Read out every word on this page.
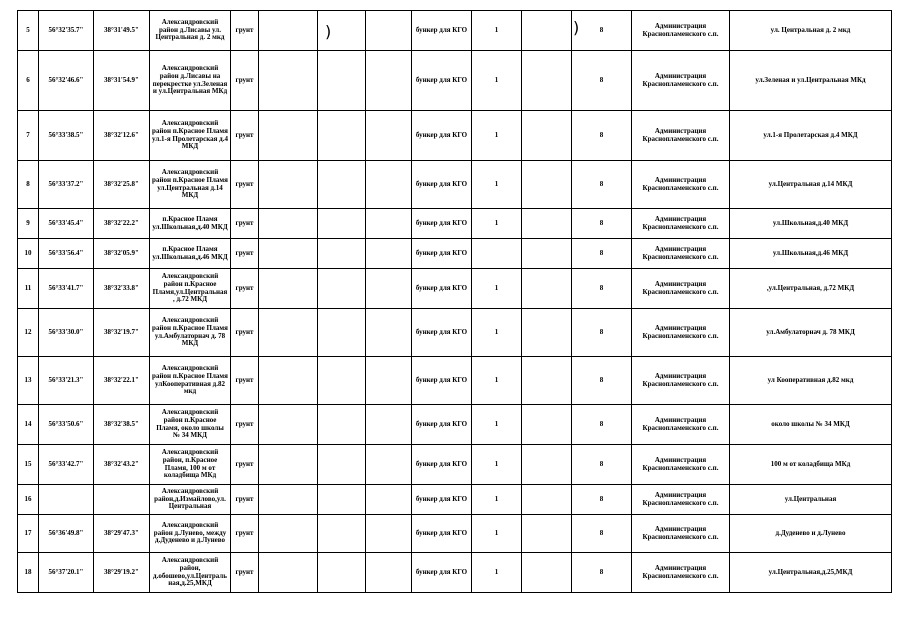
5	56°32'35.7"	38°31'49.5"	Александровский район д.Лисавы ул. Центральная д. 2 мкд	грунт				бункер для КГО	1		8	Администрация Краснопламенского с.п.	ул. Центральная д. 2 мкд
6	56°32'46.6"	38°31'54.9"	Александровский район д.Лисавы на перекрестке ул.Зеленая и ул.Центральная МКд	грунт				бункер для КГО	1		8	Администрация Краснопламенского с.п.	ул.Зеленая и ул.Центральная МКд
7	56°33'38.5"	38°32'12.6"	Александровский район п.Красное Пламя ул.1-я Пролетарская д.4 МКД	грунт				бункер для КГО	1		8	Администрация Краснопламенского с.п.	ул.1-я Пролетарская д.4 МКД
8	56°33'37.2"	38°32'25.8"	Александровский район п.Красное Пламя ул.Центральная д.14 МКД	грунт				бункер для КГО	1		8	Администрация Краснопламенского с.п.	ул.Центральная д.14 МКД
9	56°33'45.4"	38°32'22.2"	п.Красное Пламя ул.Школьная,д.40 МКД	грунт				бункер для КГО	1		8	Администрация Краснопламенского с.п.	ул.Школьная,д.40 МКД
10	56°33'56.4"	38°32'05.9"	п.Красное Пламя ул.Школьная,д.46 МКД	грунт				бункер для КГО			8	Администрация Краснопламенского с.п.	ул.Школьная,д.46 МКД
11	56°33'41.7"	38°32'33.8"	Александровский район п.Красное Пламя,ул.Центральная , д.72 МКД	грунт				бункер для КГО	1		8	Администрация Краснопламенского с.п.	,ул.Центральная, д.72 МКД
12	56°33'30.0"	38°32'19.7"	Александровский район п.Красное Пламя ул.Амбулаторнач д. 78 МКД	грунт				бункер для КГО	1		8	Администрация Краснопламенского с.п.	ул.Амбулаторнач д. 78 МКД
13	56°33'21.3"	38°32'22.1"	Александровский район п.Красное Пламя улКооперативная д.82 мкд	грунт				бункер для КГО	1		8	Администрация Краснопламенского с.п.	ул Кооперативная д.82 мкд
14	56°33'50.6"	38°32'38.5"	Александровский район п.Красное Пламя, около школы № 34 МКД	грунт				бункер для КГО	1		8	Администрация Краснопламенского с.п.	около школы № 34 МКД
15	56°33'42.7"	38°32'43.2"	Александровский район, п.Красное Пламя, 100 м от коладбища МКд	грунт				бункер для КГО	1		8	Администрация Краснопламенского с.п.	100 м от коладбища МКд
16			Александровский район,д.Измайлово,ул. Центральная	грунт				бункер для КГО	1		8	Администрация Краснопламенского с.п.	ул.Центральная
17	56°36'49.8"	38°29'47.3"	Александровский район д.Лунево, между д.Дуденево и д.Лунево	грунт				бункер для КГО	1		8	Администрация Краснопламенского с.п.	д.Дуденево и д.Лунево
18	56°37'20.1"	38°29'19.2"	Александровский район, д.обошево,ул.Центральная,д.25,МКД	грунт				бункер для КГО	1		8	Администрация Краснопламенского с.п.	ул.Центральная,д.25,МКД
)	)
